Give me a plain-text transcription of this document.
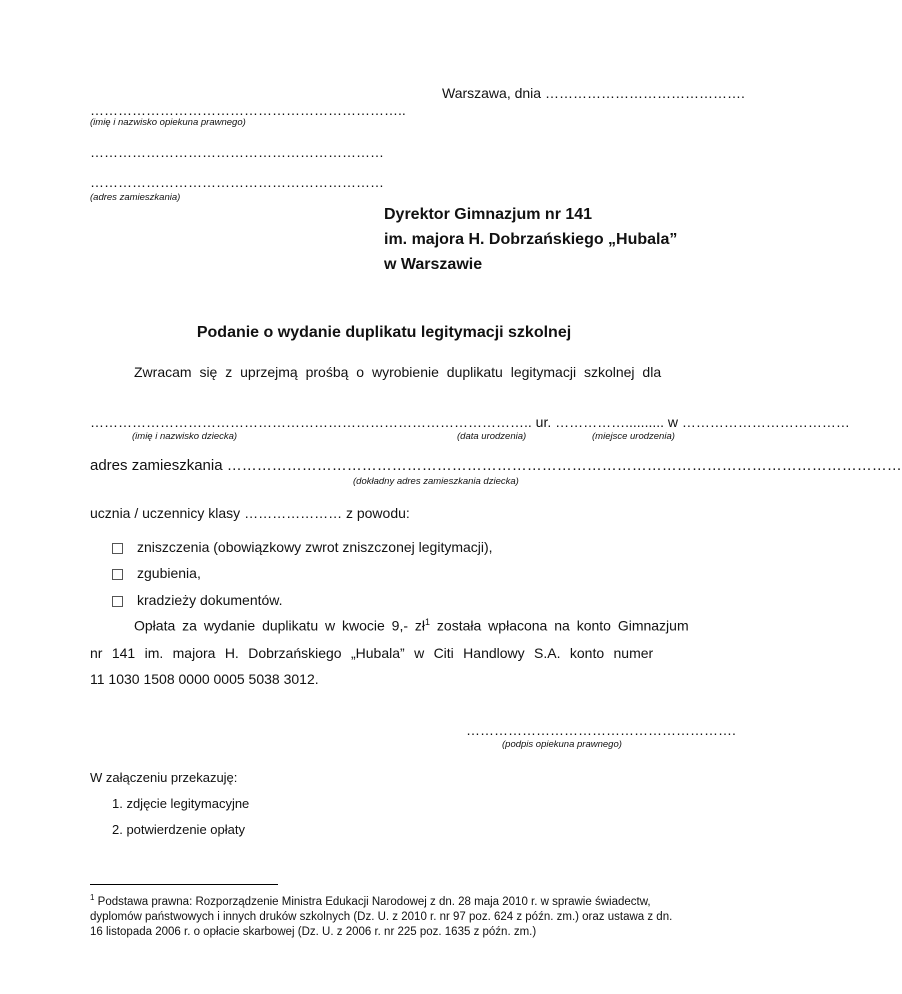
Warszawa, dnia …………………………………….
…………………………………………………………..
(imię i nazwisko opiekuna prawnego)
………………………………………………………
………………………………………………………
(adres zamieszkania)
Dyrektor Gimnazjum nr 141
im. majora H. Dobrzańskiego „Hubala”
w Warszawie
Podanie o wydanie duplikatu legitymacji szkolnej
Zwracam się z uprzejmą prośbą o wyrobienie duplikatu legitymacji szkolnej dla
………………………………………………………………………………….. ur. …………….......... w ………………………………
(imię i nazwisko dziecka)	(data urodzenia)	(miejsce urodzenia)
adres zamieszkania ………………………………………………………………………………………………………………………
(dokładny adres zamieszkania dziecka)
ucznia / uczennicy klasy ………………… z powodu:
zniszczenia (obowiązkowy zwrot zniszczonej legitymacji),
zgubienia,
kradzieży dokumentów.
Opłata za wydanie duplikatu w kwocie 9,- $zł^1$ została wpłacona na konto Gimnazjum
nr 141 im. majora H. Dobrzańskiego „Hubala” w Citi Handlowy S.A. konto numer
11 1030 1508 0000 0005 5038 3012.
………………………………………………….
(podpis opiekuna prawnego)
W załączeniu przekazuję:
1. zdjęcie legitymacyjne
2. potwierdzenie opłaty
$^1$ Podstawa prawna: Rozporządzenie Ministra Edukacji Narodowej z dn. 28 maja 2010 r. w sprawie świadectw, dyplomów państwowych i innych druków szkolnych (Dz. U. z 2010 r. nr 97 poz. 624 z późn. zm.) oraz ustawa z dn. 16 listopada 2006 r. o opłacie skarbowej (Dz. U. z 2006 r. nr 225 poz. 1635 z późn. zm.)
